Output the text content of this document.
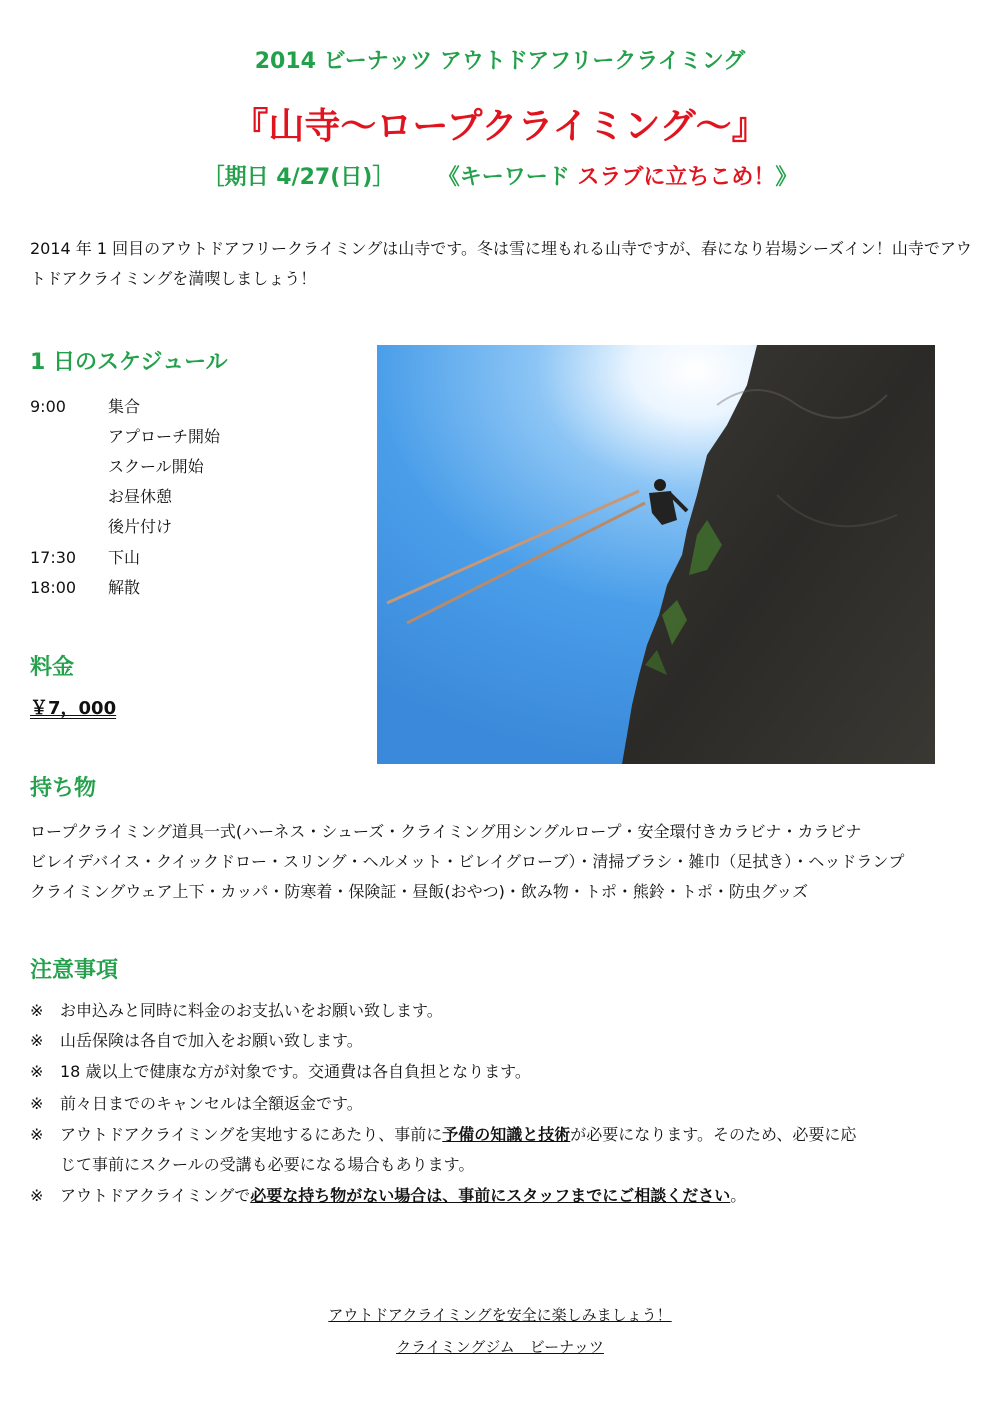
2014 ビーナッツ アウトドアフリークライミング
『山寺～ロープクライミング～』
［期日 4/27(日)］ 《キーワード スラブに立ちこめ！》
2014 年 1 回目のアウトドアフリークライミングは山寺です。冬は雪に埋もれる山寺ですが、春になり岩場シーズイン！山寺でアウトドアクライミングを満喫しましょう！
1 日のスケジュール
9:00	集合
アプローチ開始
スクール開始
お昼休憩
後片付け
17:30 下山
18:00 解散
料金
￥7，000
持ち物
ロープクライミング道具一式(ハーネス・シューズ・クライミング用シングルロープ・安全環付きカラビナ・カラビナ
ビレイデバイス・クイックドロー・スリング・ヘルメット・ビレイグローブ）・清掃ブラシ・雑巾（足拭き）・ヘッドランプ
クライミングウェア上下・カッパ・防寒着・保険証・昼飯(おやつ)・飲み物・トポ・熊鈴・トポ・防虫グッズ
注意事項
※ お申込みと同時に料金のお支払いをお願い致します。
※ 山岳保険は各自で加入をお願い致します。
※ 18 歳以上で健康な方が対象です。交通費は各自負担となります。
※ 前々日までのキャンセルは全額返金です。
※ アウトドアクライミングを実地するにあたり、事前に予備の知識と技術が必要になります。そのため、必要に応
じて事前にスクールの受講も必要になる場合もあります。
※ アウトドアクライミングで必要な持ち物がない場合は、事前にスタッフまでにご相談ください。
アウトドアクライミングを安全に楽しみましょう！
クライミングジム　ビーナッツ
